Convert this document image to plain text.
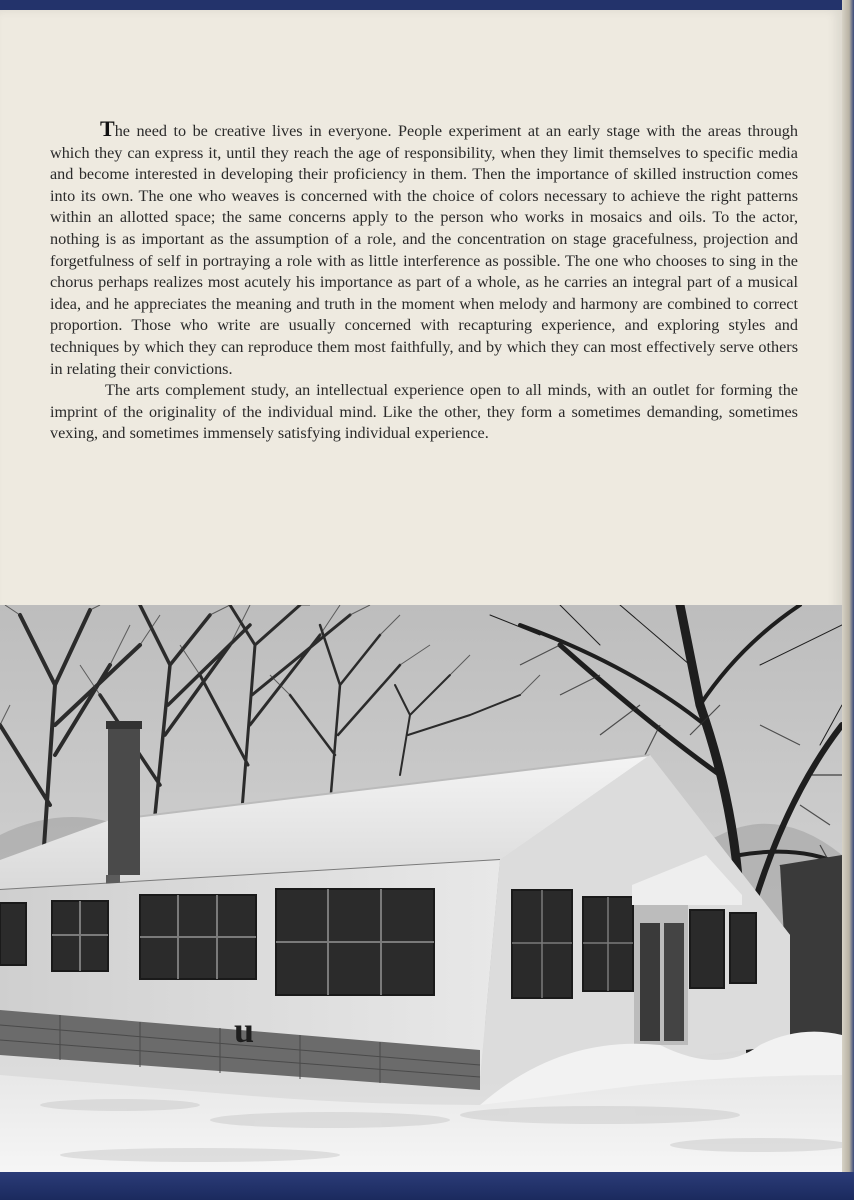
The need to be creative lives in everyone. People experiment at an early stage with the areas through which they can express it, until they reach the age of responsibility, when they limit themselves to specific media and become interested in developing their proficiency in them. Then the importance of skilled instruction comes into its own. The one who weaves is concerned with the choice of colors necessary to achieve the right patterns within an allotted space; the same concerns apply to the person who works in mosaics and oils. To the actor, nothing is as important as the assumption of a role, and the concentration on stage gracefulness, projection and forgetfulness of self in portraying a role with as little interference as possible. The one who chooses to sing in the chorus perhaps realizes most acutely his importance as part of a whole, as he carries an integral part of a musical idea, and he appreciates the meaning and truth in the moment when melody and harmony are combined to correct proportion. Those who write are usually concerned with recapturing experience, and exploring styles and techniques by which they can reproduce them most faithfully, and by which they can most effectively serve others in relating their convictions.

The arts complement study, an intellectual experience open to all minds, with an outlet for forming the imprint of the originality of the individual mind. Like the other, they form a sometimes demanding, sometimes vexing, and sometimes immensely satisfying individual experience.

u
